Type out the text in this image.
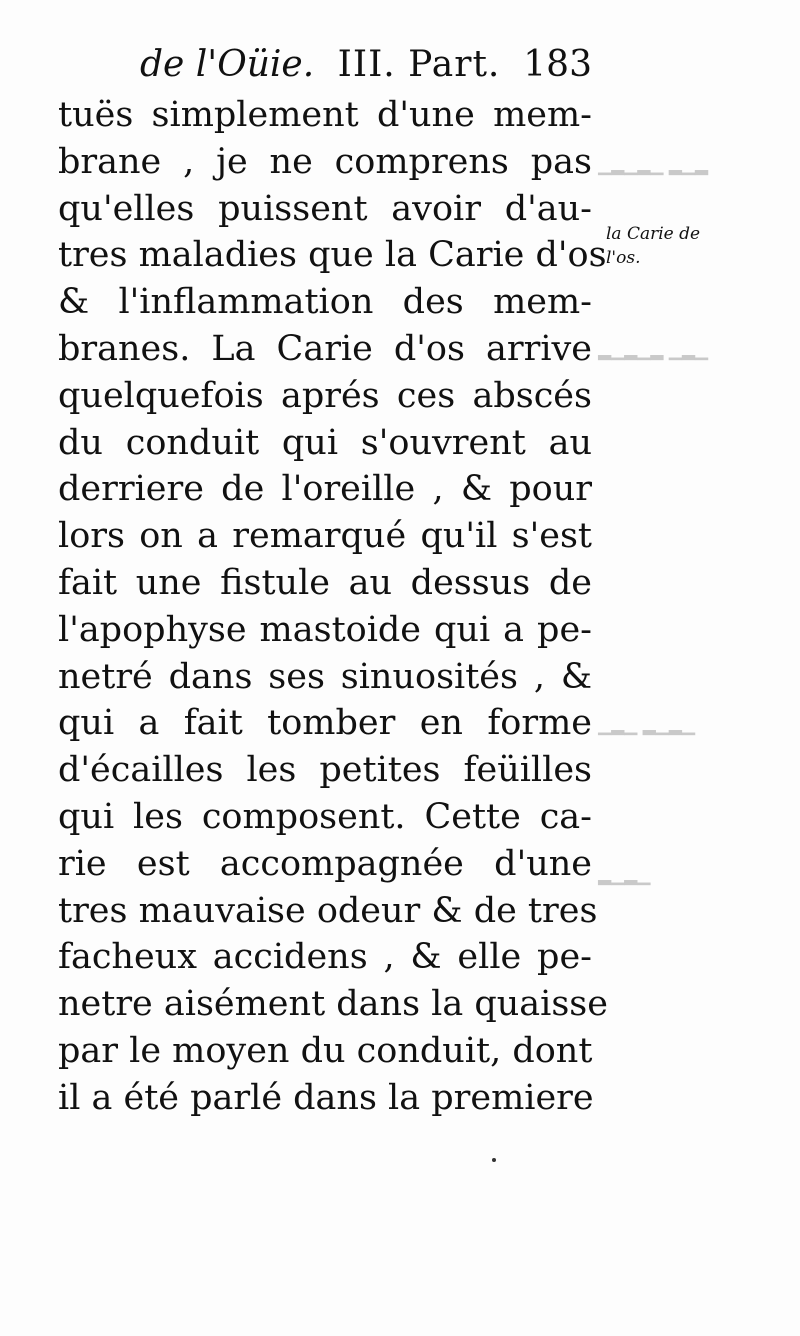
de l'Oüie. III. Part. 183
tuës simplement d'une mem-
brane , je ne comprens pas
qu'elles puissent avoir d'au-
tres maladies que la Carie d'os
& l'inflammation des mem-
branes. La Carie d'os arrive
quelquefois aprés ces abscés
du conduit qui s'ouvrent au
derriere de l'oreille , & pour
lors on a remarqué qu'il s'est
fait une fistule au dessus de
l'apophyse mastoide qui a pe-
netré dans ses sinuosités , &
qui a fait tomber en forme
d'écailles les petites feüilles
qui les composent. Cette ca-
rie est accompagnée d'une
tres mauvaise odeur & de tres
facheux accidens , & elle pe-
netre aisément dans la quaisse
par le moyen du conduit, dont
il a été parlé dans la premiere
la Carie de
l'os.
▁▂▁▂▁ ▂▁▂
▂▁▂▁▂ ▁▂▁
▁▂▁ ▂▁▂▁
▂▁▂▁
